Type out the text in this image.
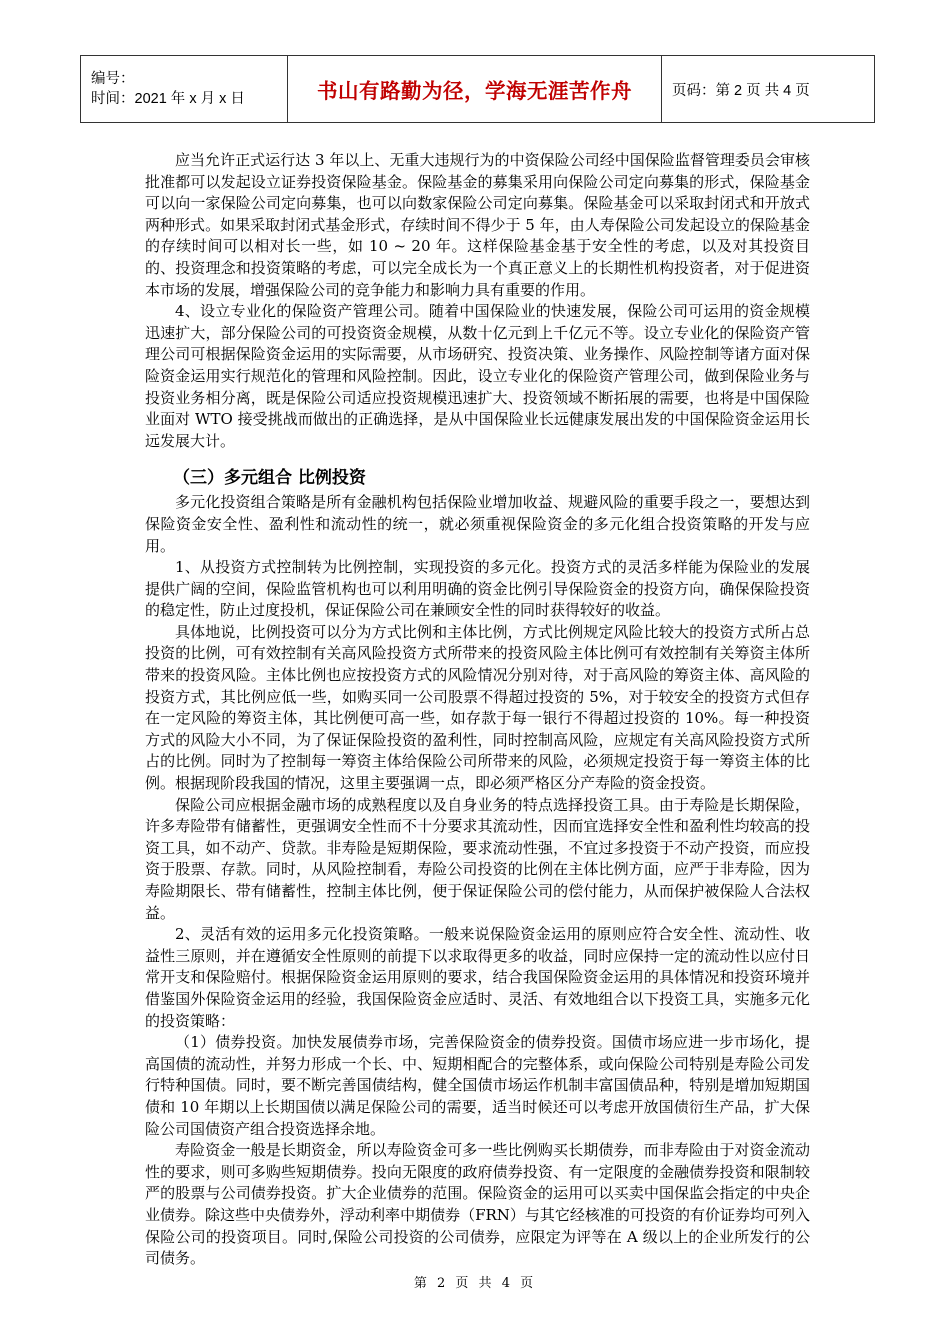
编号：
时间：2021 年 x 月 x 日	书山有路勤为径，学海无涯苦作舟	页码：第 2 页 共 4 页

应当允许正式运行达 3 年以上、无重大违规行为的中资保险公司经中国保险监督管理委员会审核批准都可以发起设立证券投资保险基金。保险基金的募集采用向保险公司定向募集的形式，保险基金可以向一家保险公司定向募集，也可以向数家保险公司定向募集。保险基金可以采取封闭式和开放式两种形式。如果采取封闭式基金形式，存续时间不得少于 5 年，由人寿保险公司发起设立的保险基金的存续时间可以相对长一些，如 10 ~ 20 年。这样保险基金基于安全性的考虑，以及对其投资目的、投资理念和投资策略的考虑，可以完全成长为一个真正意义上的长期性机构投资者，对于促进资本市场的发展，增强保险公司的竞争能力和影响力具有重要的作用。

4、设立专业化的保险资产管理公司。随着中国保险业的快速发展，保险公司可运用的资金规模迅速扩大，部分保险公司的可投资资金规模，从数十亿元到上千亿元不等。设立专业化的保险资产管理公司可根据保险资金运用的实际需要，从市场研究、投资决策、业务操作、风险控制等诸方面对保险资金运用实行规范化的管理和风险控制。因此，设立专业化的保险资产管理公司，做到保险业务与投资业务相分离，既是保险公司适应投资规模迅速扩大、投资领域不断拓展的需要，也将是中国保险业面对 WTO 接受挑战而做出的正确选择，是从中国保险业长远健康发展出发的中国保险资金运用长远发展大计。

（三）多元组合 比例投资

多元化投资组合策略是所有金融机构包括保险业增加收益、规避风险的重要手段之一，要想达到保险资金安全性、盈利性和流动性的统一，就必须重视保险资金的多元化组合投资策略的开发与应用。

1、从投资方式控制转为比例控制，实现投资的多元化。投资方式的灵活多样能为保险业的发展提供广阔的空间，保险监管机构也可以利用明确的资金比例引导保险资金的投资方向，确保保险投资的稳定性，防止过度投机，保证保险公司在兼顾安全性的同时获得较好的收益。

具体地说，比例投资可以分为方式比例和主体比例，方式比例规定风险比较大的投资方式所占总投资的比例，可有效控制有关高风险投资方式所带来的投资风险主体比例可有效控制有关筹资主体所带来的投资风险。主体比例也应按投资方式的风险情况分别对待，对于高风险的筹资主体、高风险的投资方式，其比例应低一些，如购买同一公司股票不得超过投资的 5%，对于较安全的投资方式但存在一定风险的筹资主体，其比例便可高一些，如存款于每一银行不得超过投资的 10%。每一种投资方式的风险大小不同，为了保证保险投资的盈利性，同时控制高风险，应规定有关高风险投资方式所占的比例。同时为了控制每一筹资主体给保险公司所带来的风险，必须规定投资于每一筹资主体的比例。根据现阶段我国的情况，这里主要强调一点，即必须严格区分产寿险的资金投资。

保险公司应根据金融市场的成熟程度以及自身业务的特点选择投资工具。由于寿险是长期保险，许多寿险带有储蓄性，更强调安全性而不十分要求其流动性，因而宜选择安全性和盈利性均较高的投资工具，如不动产、贷款。非寿险是短期保险，要求流动性强，不宜过多投资于不动产投资，而应投资于股票、存款。同时，从风险控制看，寿险公司投资的比例在主体比例方面，应严于非寿险，因为寿险期限长、带有储蓄性，控制主体比例，便于保证保险公司的偿付能力，从而保护被保险人合法权益。

2、灵活有效的运用多元化投资策略。一般来说保险资金运用的原则应符合安全性、流动性、收益性三原则，并在遵循安全性原则的前提下以求取得更多的收益，同时应保持一定的流动性以应付日常开支和保险赔付。根据保险资金运用原则的要求，结合我国保险资金运用的具体情况和投资环境并借鉴国外保险资金运用的经验，我国保险资金应适时、灵活、有效地组合以下投资工具，实施多元化的投资策略：

（1）债券投资。加快发展债券市场，完善保险资金的债券投资。国债市场应进一步市场化，提高国债的流动性，并努力形成一个长、中、短期相配合的完整体系，或向保险公司特别是寿险公司发行特种国债。同时，要不断完善国债结构，健全国债市场运作机制丰富国债品种，特别是增加短期国债和 10 年期以上长期国债以满足保险公司的需要，适当时候还可以考虑开放国债衍生产品，扩大保险公司国债资产组合投资选择余地。

寿险资金一般是长期资金，所以寿险资金可多一些比例购买长期债券，而非寿险由于对资金流动性的要求，则可多购些短期债券。投向无限度的政府债券投资、有一定限度的金融债券投资和限制较严的股票与公司债券投资。扩大企业债券的范围。保险资金的运用可以买卖中国保监会指定的中央企业债券。除这些中央债券外，浮动利率中期债券（FRN）与其它经核准的可投资的有价证券均可列入保险公司的投资项目。同时,保险公司投资的公司债券，应限定为评等在 A 级以上的企业所发行的公司债务。

第 2 页 共 4 页
